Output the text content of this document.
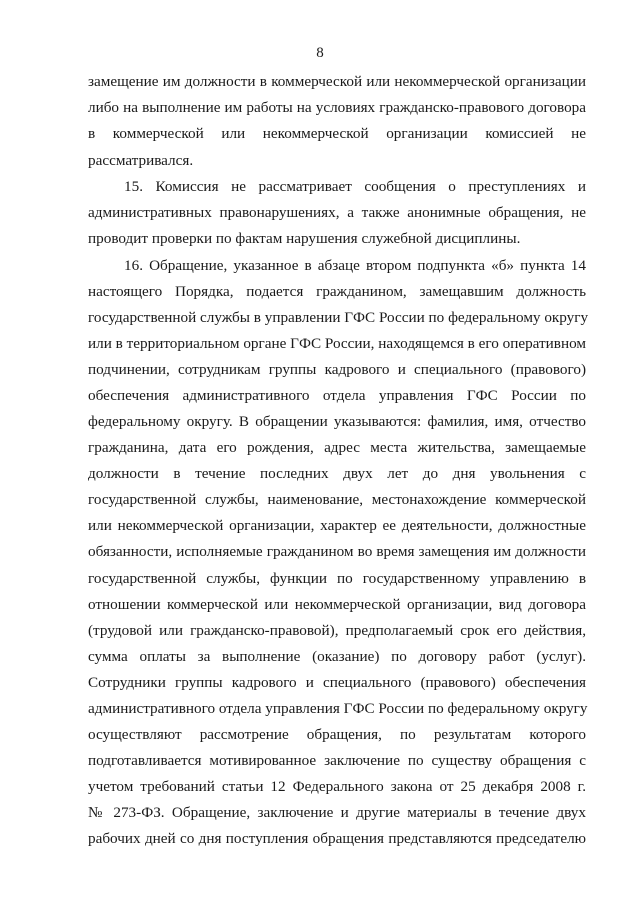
8
замещение им должности в коммерческой или некоммерческой организации
либо на выполнение им работы на условиях гражданско-правового договора
в коммерческой или некоммерческой организации комиссией не
рассматривался.
15. Комиссия не рассматривает сообщения о преступлениях и
административных правонарушениях, а также анонимные обращения, не
проводит проверки по фактам нарушения служебной дисциплины.
16. Обращение, указанное в абзаце втором подпункта «б» пункта 14
настоящего Порядка, подается гражданином, замещавшим должность
государственной службы в управлении ГФС России по федеральному округу
или в территориальном органе ГФС России, находящемся в его оперативном
подчинении, сотрудникам группы кадрового и специального (правового)
обеспечения административного отдела управления ГФС России по
федеральному округу. В обращении указываются: фамилия, имя, отчество
гражданина, дата его рождения, адрес места жительства, замещаемые
должности в течение последних двух лет до дня увольнения с
государственной службы, наименование, местонахождение коммерческой
или некоммерческой организации, характер ее деятельности, должностные
обязанности, исполняемые гражданином во время замещения им должности
государственной службы, функции по государственному управлению в
отношении коммерческой или некоммерческой организации, вид договора
(трудовой или гражданско-правовой), предполагаемый срок его действия,
сумма оплаты за выполнение (оказание) по договору работ (услуг).
Сотрудники группы кадрового и специального (правового) обеспечения
административного отдела управления ГФС России по федеральному округу
осуществляют рассмотрение обращения, по результатам которого
подготавливается мотивированное заключение по существу обращения с
учетом требований статьи 12 Федерального закона от 25 декабря 2008 г.
№ 273-ФЗ. Обращение, заключение и другие материалы в течение двух
рабочих дней со дня поступления обращения представляются председателю
